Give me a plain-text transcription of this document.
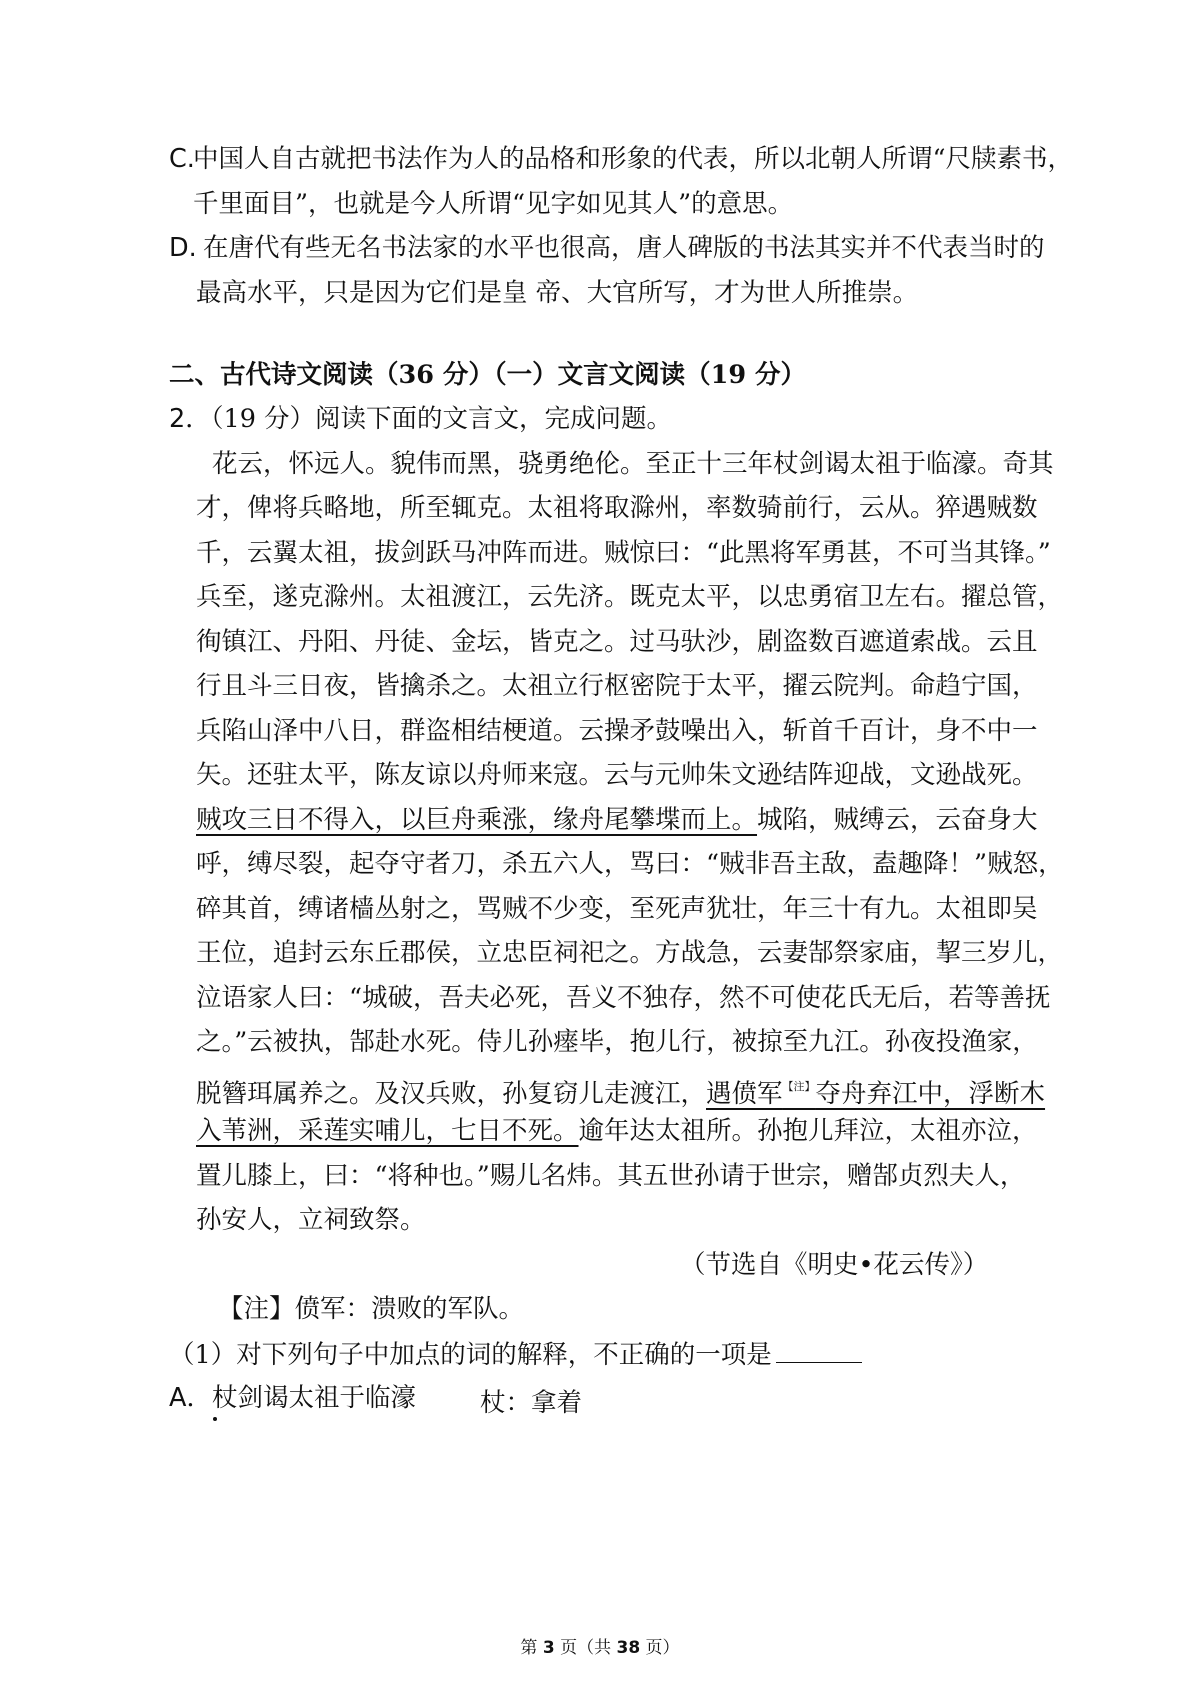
C.
中国人自古就把书法作为人的品格和形象的代表，所以北朝人所谓“尺牍素书，
千里面目”，也就是今人所谓“见字如见其人”的意思。
D. 在唐代有些无名书法家的水平也很高，唐人碑版的书法其实并不代表当时的
最高水平，只是因为它们是皇 帝、大官所写，才为世人所推崇。
二、古代诗文阅读（36 分）（一）文言文阅读（19 分）
2．（19 分）阅读下面的文言文，完成问题。
花云，怀远人。貌伟而黑，骁勇绝伦。至正十三年杖剑谒太祖于临濠。奇其
才，俾将兵略地，所至辄克。太祖将取滁州，率数骑前行，云从。猝遇贼数
千，云翼太祖，拔剑跃马冲阵而进。贼惊曰：“此黑将军勇甚，不可当其锋。”
兵至，遂克滁州。太祖渡江，云先济。既克太平，以忠勇宿卫左右。擢总管，
徇镇江、丹阳、丹徒、金坛，皆克之。过马驮沙，剧盗数百遮道索战。云且
行且斗三日夜，皆擒杀之。太祖立行枢密院于太平，擢云院判。命趋宁国，
兵陷山泽中八日，群盗相结梗道。云操矛鼓噪出入，斩首千百计，身不中一
矢。还驻太平，陈友谅以舟师来寇。云与元帅朱文逊结阵迎战，文逊战死。
贼攻三日不得入，以巨舟乘涨，缘舟尾攀堞而上。城陷，贼缚云，云奋身大
呼，缚尽裂，起夺守者刀，杀五六人，骂曰：“贼非吾主敌，盍趣降！”贼怒，
碎其首，缚诸樯丛射之，骂贼不少变，至死声犹壮，年三十有九。太祖即吴
王位，追封云东丘郡侯，立忠臣祠祀之。方战急，云妻郜祭家庙，挈三岁儿，
泣语家人曰：“城破，吾夫必死，吾义不独存，然不可使花氏无后，若等善抚
之。”云被执，郜赴水死。侍儿孙瘗毕，抱儿行，被掠至九江。孙夜投渔家，
脱簪珥属养之。及汉兵败，孙复窃儿走渡江，遇偾军$^{【注】}$夺舟弃江中，浮断木
入苇洲，采莲实哺儿，七日不死。逾年达太祖所。孙抱儿拜泣，太祖亦泣，
置儿膝上，曰：“将种也。”赐儿名炜。其五世孙请于世宗，赠郜贞烈夫人，
孙安人，立祠致祭。
（节选自《明史•花云传》）
【注】偾军：溃败的军队。
（1）对下列句子中加点的词的解释，不正确的一项是
A．杖剑谒太祖于临濠	杖：拿着
第 3 页（共 38 页）
